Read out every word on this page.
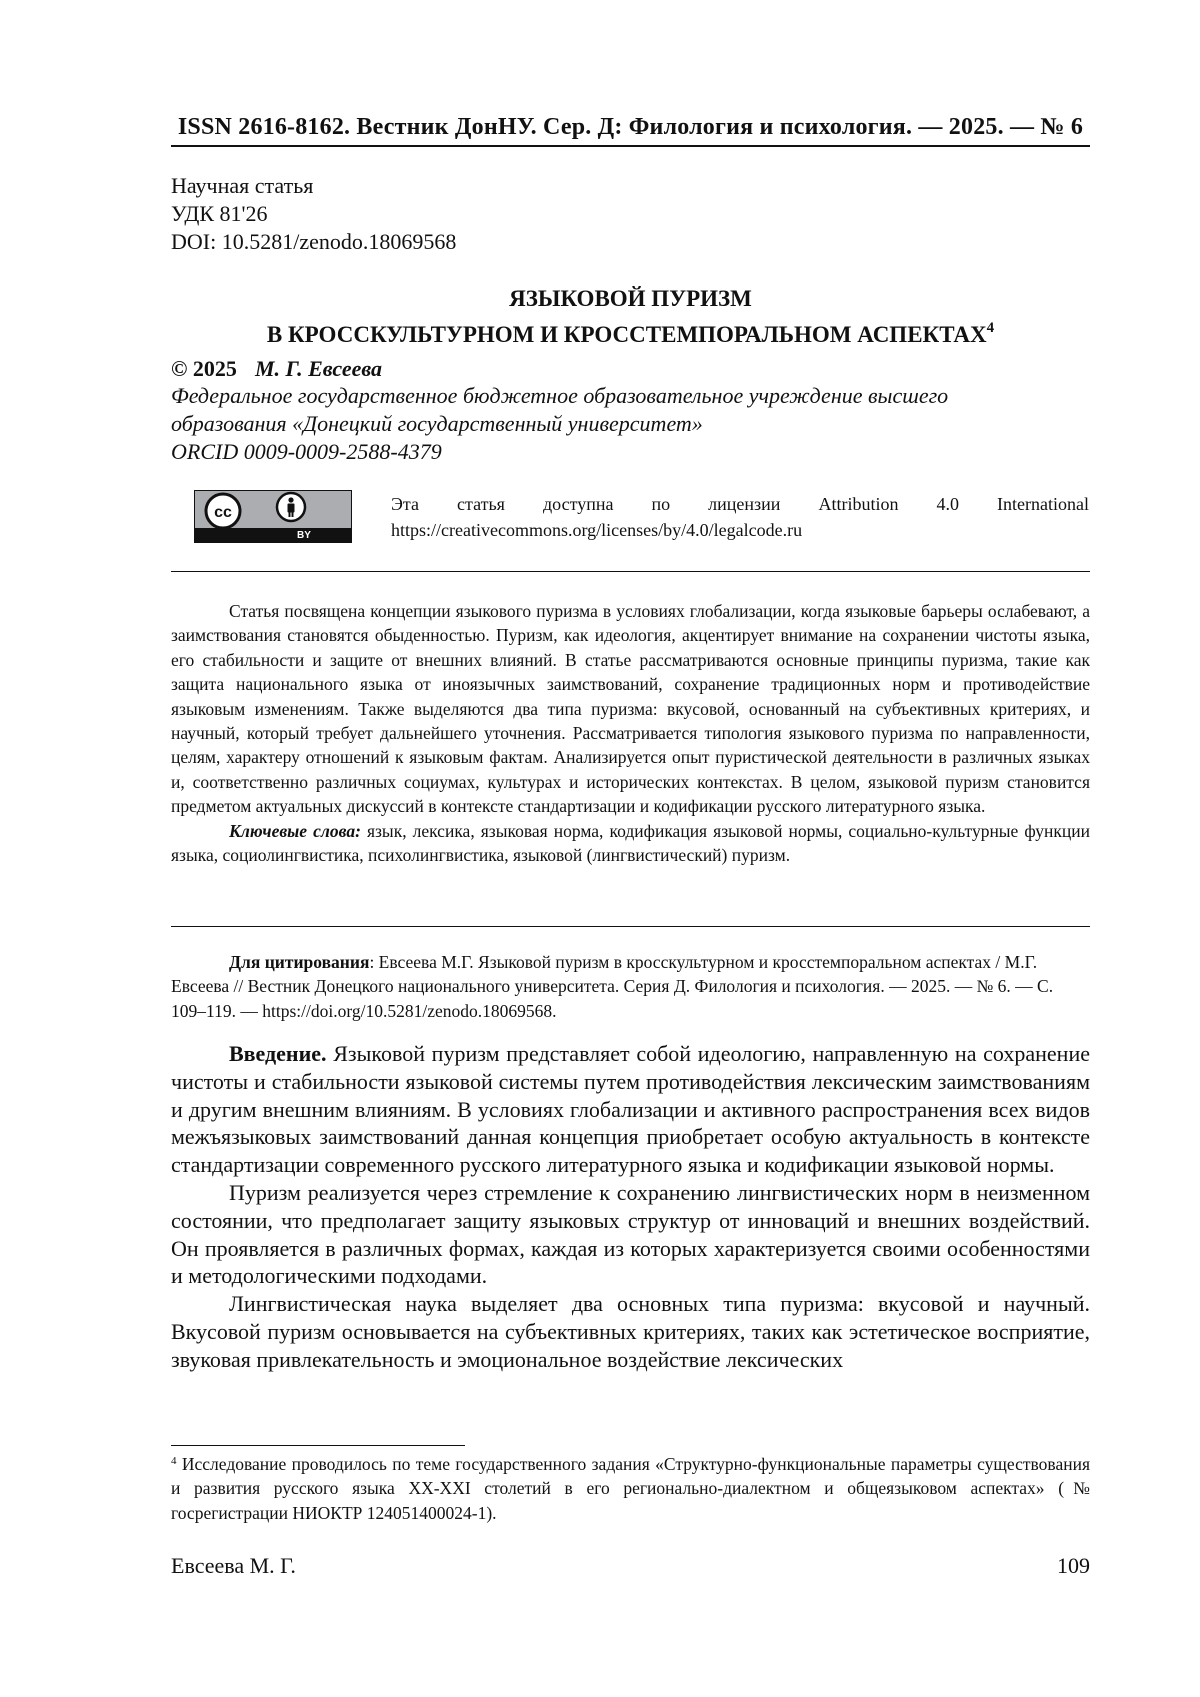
ISSN 2616-8162. Вестник ДонНУ. Сер. Д: Филология и психология. — 2025. — № 6
Научная статья
УДК 81'26
DOI: 10.5281/zenodo.18069568
ЯЗЫКОВОЙ ПУРИЗМ
В КРОССКУЛЬТУРНОМ И КРОССТЕМПОРАЛЬНОМ АСПЕКТАХ$^4$
© 2025 М. Г. Евсеева
Федеральное государственное бюджетное образовательное учреждение высшего
образования «Донецкий государственный университет»
ORCID 0009-0009-2588-4379
cc
BY
Эта статья доступна по лицензии Attribution 4.0 International
https://creativecommons.org/licenses/by/4.0/legalcode.ru

Статья посвящена концепции языкового пуризма в условиях глобализации, когда языковые барьеры ослабевают, а заимствования становятся обыденностью. Пуризм, как идеология, акцентирует внимание на сохранении чистоты языка, его стабильности и защите от внешних влияний. В статье рассматриваются основные принципы пуризма, такие как защита национального языка от иноязычных заимствований, сохранение традиционных норм и противодействие языковым изменениям. Также выделяются два типа пуризма: вкусовой, основанный на субъективных критериях, и научный, который требует дальнейшего уточнения. Рассматривается типология языкового пуризма по направленности, целям, характеру отношений к языковым фактам. Анализируется опыт пуристической деятельности в различных языках и, соответственно различных социумах, культурах и исторических контекстах. В целом, языковой пуризм становится предметом актуальных дискуссий в контексте стандартизации и кодификации русского литературного языка.

Ключевые слова: язык, лексика, языковая норма, кодификация языковой нормы, социально-культурные функции языка, социолингвистика, психолингвистика, языковой (лингвистический) пуризм.

Для цитирования: Евсеева М.Г. Языковой пуризм в кросскультурном и кросстемпоральном аспектах / М.Г. Евсеева // Вестник Донецкого национального университета. Серия Д. Филология и психология. — 2025. — № 6. — С. 109–119. — https://doi.org/10.5281/zenodo.18069568.

Введение. Языковой пуризм представляет собой идеологию, направленную на сохранение чистоты и стабильности языковой системы путем противодействия лексическим заимствованиям и другим внешним влияниям. В условиях глобализации и активного распространения всех видов межъязыковых заимствований данная концепция приобретает особую актуальность в контексте стандартизации современного русского литературного языка и кодификации языковой нормы.

Пуризм реализуется через стремление к сохранению лингвистических норм в неизменном состоянии, что предполагает защиту языковых структур от инноваций и внешних воздействий. Он проявляется в различных формах, каждая из которых характеризуется своими особенностями и методологическими подходами.

Лингвистическая наука выделяет два основных типа пуризма: вкусовой и научный. Вкусовой пуризм основывается на субъективных критериях, таких как эстетическое восприятие, звуковая привлекательность и эмоциональное воздействие лексических

$^4$ Исследование проводилось по теме государственного задания «Структурно-функциональные параметры существования и развития русского языка XX-XXI столетий в его регионально-диалектном и общеязыковом аспектах» (№ госрегистрации НИОКТР 124051400024-1).
Евсеева М. Г.	109
